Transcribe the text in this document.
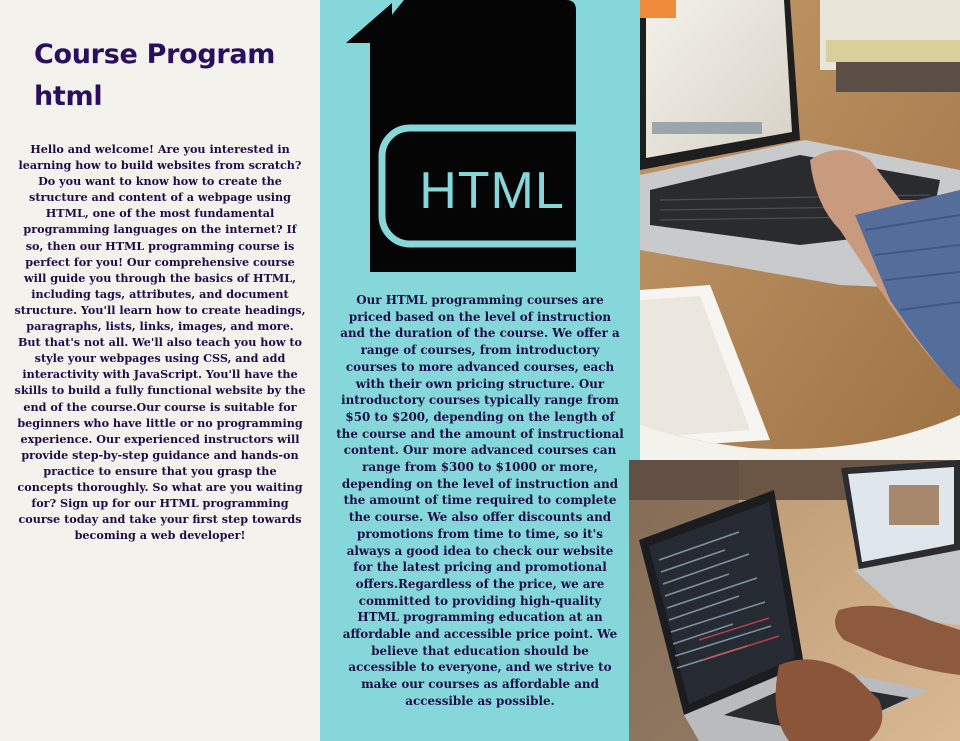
Course Program
html

Hello and welcome! Are you interested in learning how to build websites from scratch? Do you want to know how to create the structure and content of a webpage using HTML, one of the most fundamental programming languages on the internet? If so, then our HTML programming course is perfect for you! Our comprehensive course will guide you through the basics of HTML, including tags, attributes, and document structure. You'll learn how to create headings, paragraphs, lists, links, images, and more. But that's not all. We'll also teach you how to style your webpages using CSS, and add interactivity with JavaScript. You'll have the skills to build a fully functional website by the end of the course.Our course is suitable for beginners who have little or no programming experience. Our experienced instructors will provide step-by-step guidance and hands-on practice to ensure that you grasp the concepts thoroughly. So what are you waiting for? Sign up for our HTML programming course today and take your first step towards becoming a web developer!

HTML

Our HTML programming courses are priced based on the level of instruction and the duration of the course. We offer a range of courses, from introductory courses to more advanced courses, each with their own pricing structure. Our introductory courses typically range from $50 to $200, depending on the length of the course and the amount of instructional content. Our more advanced courses can range from $300 to $1000 or more, depending on the level of instruction and the amount of time required to complete the course. We also offer discounts and promotions from time to time, so it's always a good idea to check our website for the latest pricing and promotional offers.Regardless of the price, we are committed to providing high-quality HTML programming education at an affordable and accessible price point. We believe that education should be accessible to everyone, and we strive to make our courses as affordable and accessible as possible.
